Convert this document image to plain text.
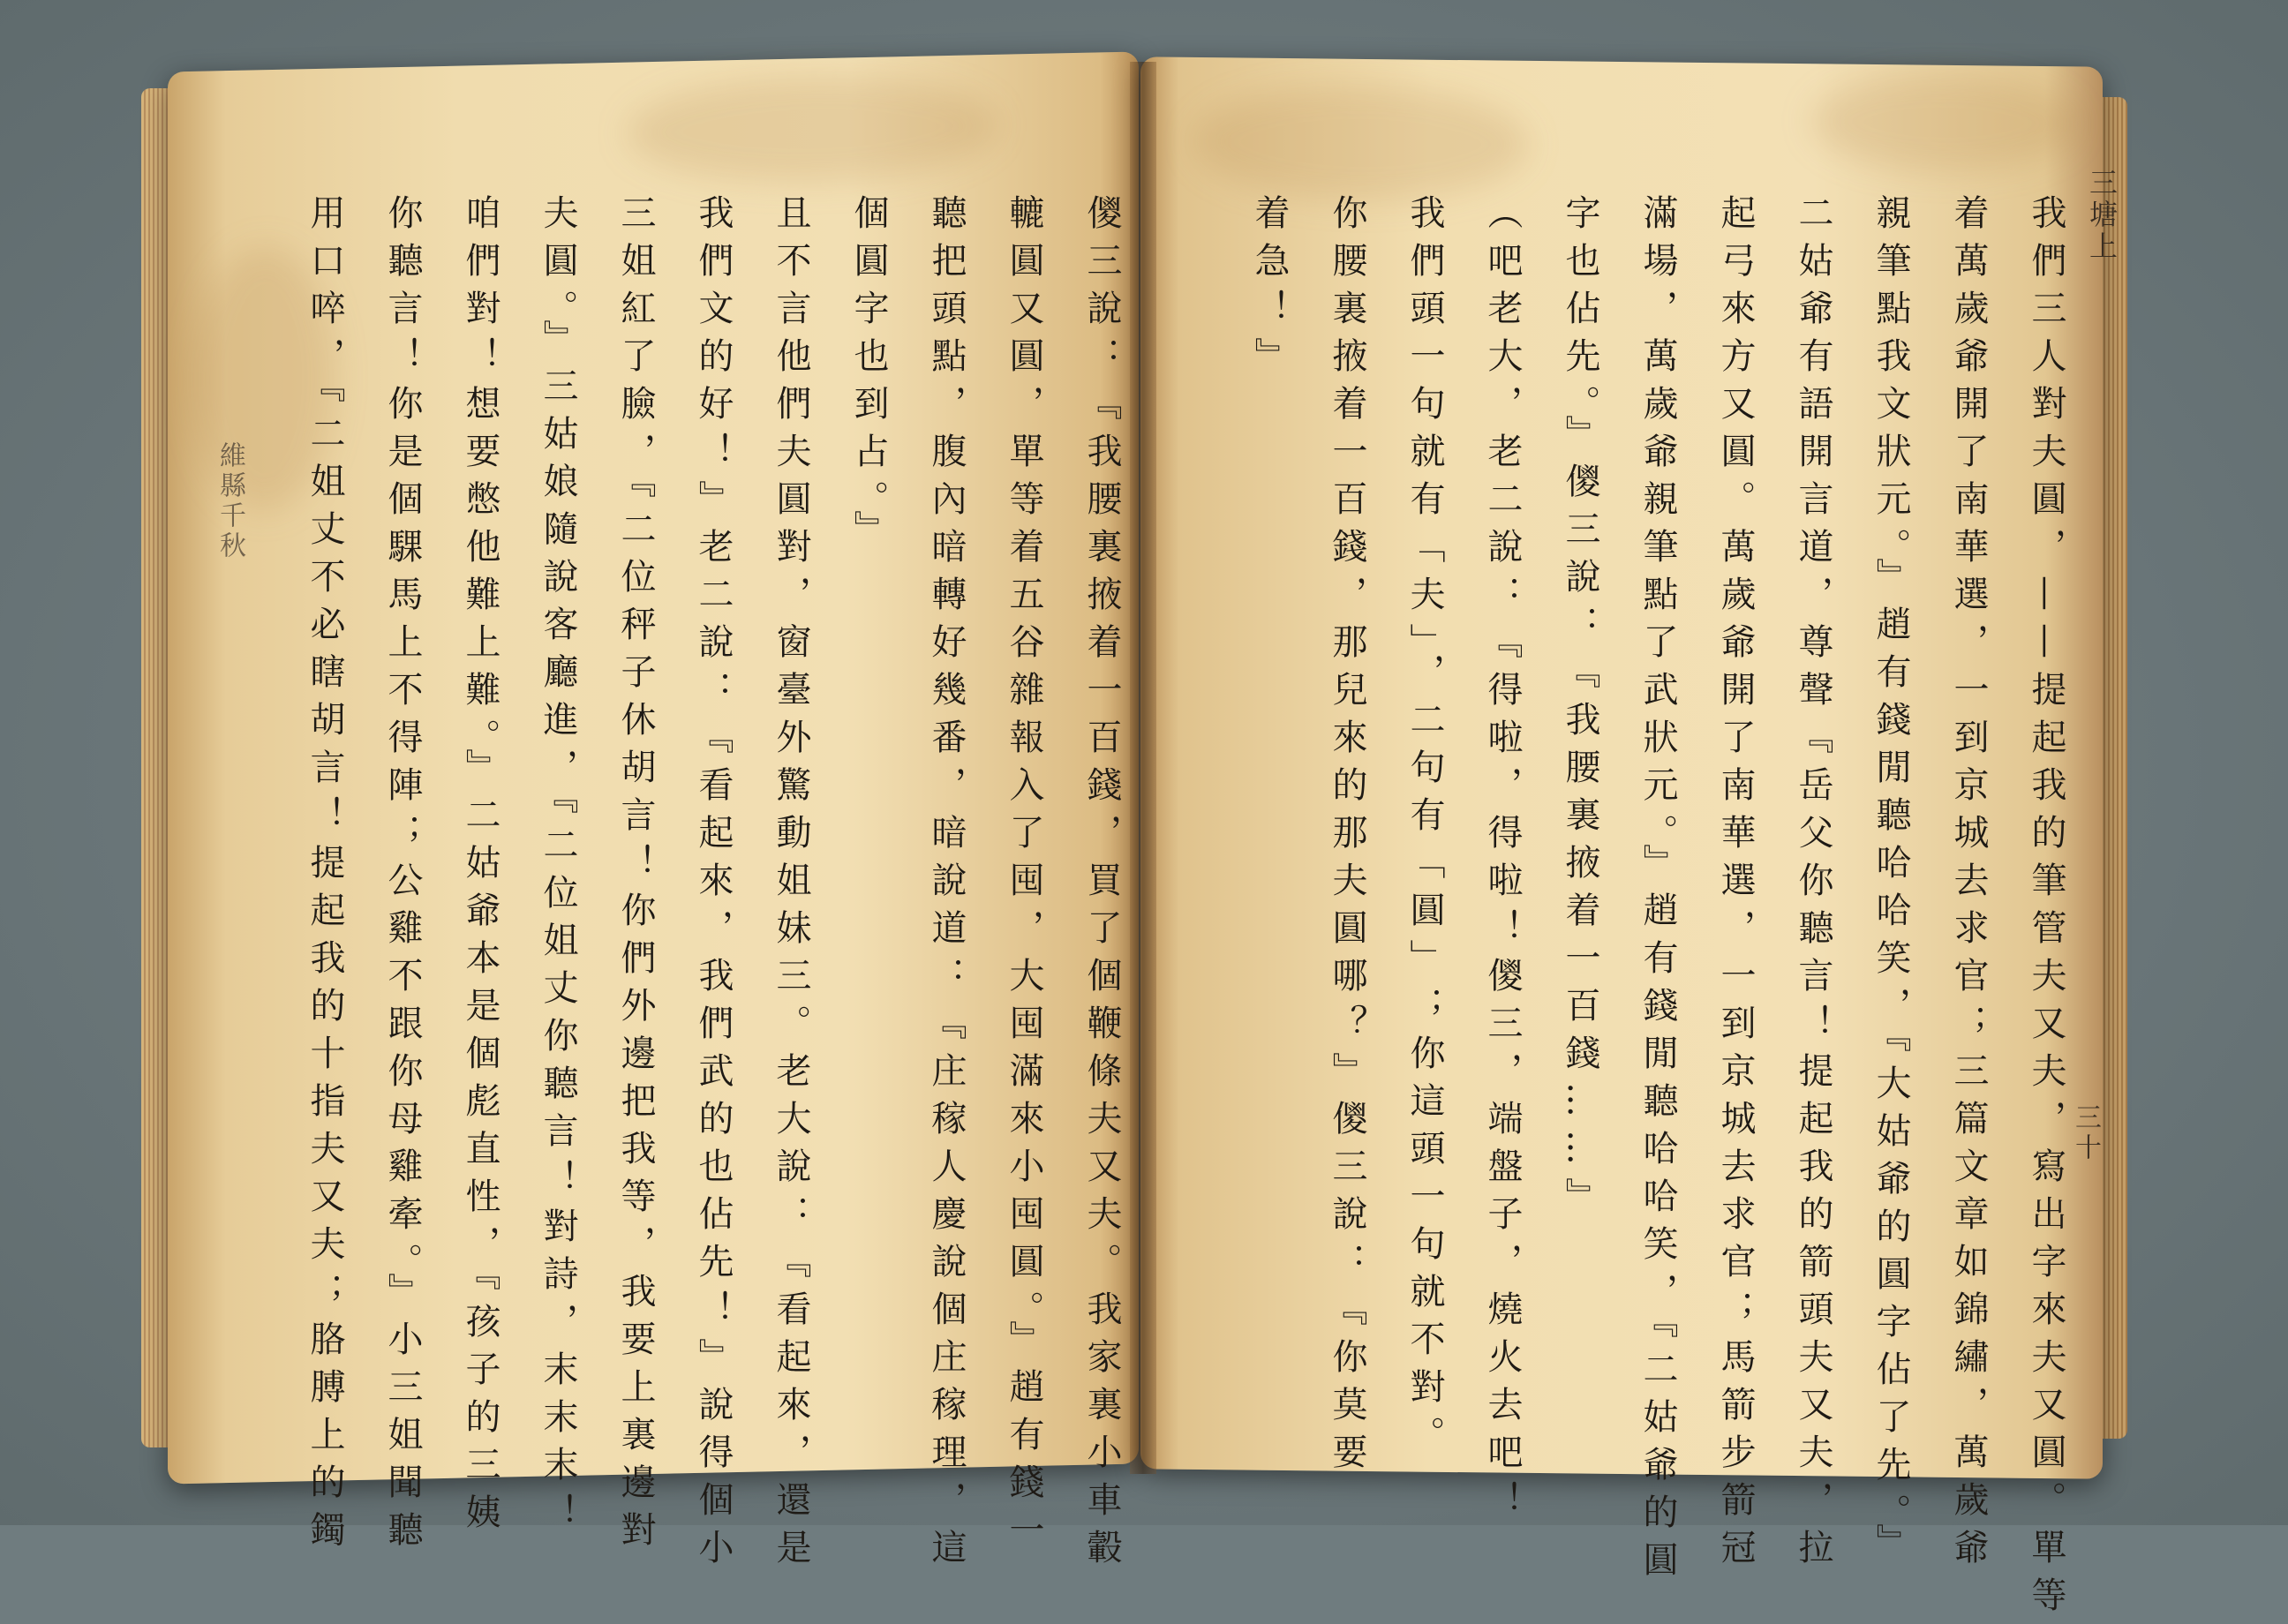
儍三說：『我腰裏掖着一百錢，買了個鞭條夫又夫。我家裏小車轂
轆圓又圓，單等着五谷雜報入了囤，大囤滿來小囤圓。』趙有錢一
聽把頭點，腹內暗轉好幾番，暗說道：『庄稼人慶說個庄稼理，這
個圓字也到占。』
且不言他們夫圓對，窗臺外驚動姐妹三。老大說：『看起來，還是
我們文的好！』老二說：『看起來，我們武的也佔先！』說得個小
三姐紅了臉，『二位秤子休胡言！你們外邊把我等，我要上裏邊對
夫圓。』三姑娘隨說客廳進，『二位姐丈你聽言！對詩，末末末！
咱們對！想要憋他難上難。』二姑爺本是個彪直性，『孩子的三姨
你聽言！你是個騍馬上不得陣；公雞不跟你母雞牽。』小三姐聞聽
用口啐，『二姐丈不必瞎胡言！提起我的十指夫又夫；胳膊上的鐲	我們三人對夫圓，——提起我的筆管夫又夫，寫出字來夫又圓。單等
着萬歲爺開了南華選，一到京城去求官；三篇文章如錦繡，萬歲爺
親筆點我文狀元。』趙有錢閒聽哈哈笑，『大姑爺的圓字佔了先。』
二姑爺有語開言道，尊聲『岳父你聽言！提起我的箭頭夫又夫，拉
起弓來方又圓。萬歲爺開了南華選，一到京城去求官；馬箭步箭冠
滿場，萬歲爺親筆點了武狀元。』趙有錢閒聽哈哈笑，『二姑爺的圓
字也佔先。』儍三說：『我腰裏掖着一百錢……』
（吧老大，老二說：『得啦，得啦！儍三，端盤子，燒火去吧！
我們頭一句就有「夫」，二句有「圓」；你這頭一句就不對。
你腰裏掖着一百錢，那兒來的那夫圓哪？』儍三說：『你莫要
着急！』	三塘上
三十
維縣千秋
